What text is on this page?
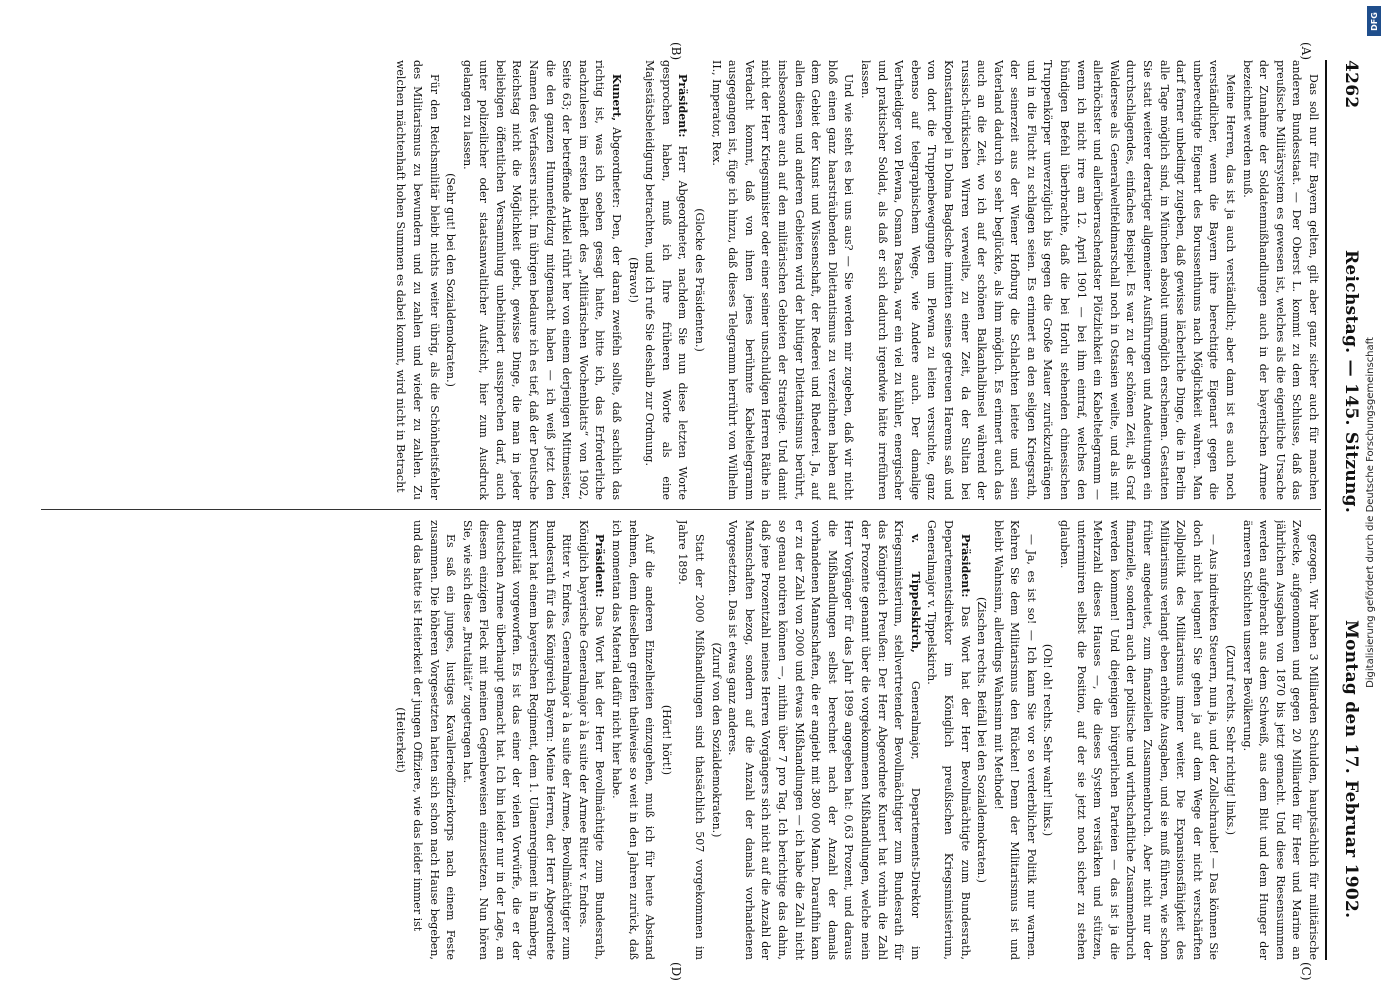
4262
Reichstag. — 145. Sitzung.
Montag den 17. Februar 1902.
(A)
(B)
(C)
(D)

Das soll nur für Bayern gelten, gilt aber ganz sicher auch für manchen anderen Bundesstaat. — Der Oberst L. kommt zu dem Schlusse, daß das preußische Militärsystem es gewesen ist, welches als die eigentliche Ursache der Zunahme der Soldatenmißhandlungen auch in der bayerischen Armee bezeichnet werden muß.

Meine Herren, das ist ja auch verständlich; aber dann ist es auch noch verständlicher, wenn die Bayern ihre berechtigte Eigenart gegen die unberechtigte Eigenart des Borussenthums nach Möglichkeit wahren. Man darf ferner unbedingt zugeben, daß gewisse lächerliche Dinge, die in Berlin alle Tage möglich sind, in München absolut unmöglich erscheinen. Gestatten Sie statt weiterer derartiger allgemeiner Ausführungen und Andeutungen ein durchschlagendes, einfaches Beispiel. Es war zu der schönen Zeit, als Graf Waldersee als Generalweltfeldmarschall noch in Ostasien weilte, und als mit allerhöchster und allerüberraschendster Plötzlichkeit ein Kabeltelegramm — wenn ich nicht irre am 12. April 1901 — bei ihm eintraf, welches den bündigen Befehl überbrachte, daß die bei Horlu stehenden chinesischen Truppenkörper unverzüglich bis gegen die Große Mauer zurückzudrängen und in die Flucht zu schlagen seien. Es erinnert an den seligen Kriegsrath, der seinerzeit aus der Wiener Hofburg die Schlachten leitete und sein Vaterland dadurch so sehr beglückte, als ihm möglich. Es erinnert auch das auch an die Zeit, wo ich auf der schönen Balkanhalbinsel während der russisch-türkischen Wirren verweilte, zu einer Zeit, da der Sultan bei Konstantinopel in Dolma Bagdsche inmitten seines getreuen Harems saß und von dort die Truppenbewegungen um Plewna zu leiten versuchte, ganz ebenso auf telegraphischem Wege, wie Andere auch. Der damalige Vertheidiger von Plewna, Osman Pascha, war ein viel zu kühler, energischer und praktischer Soldat, als daß er sich dadurch irgendwie hätte irreführen lassen.

Und wie steht es bei uns aus? — Sie werden mir zugeben, daß wir nicht bloß einen ganz haarsträubenden Dilettantismus zu verzeichnen haben auf dem Gebiet der Kunst und Wissenschaft, der Rederei und Rhederei. Ja, auf allen diesen und anderen Gebieten wird der blutiger Dilettantismus berührt, insbesondere auch auf den militärischen Gebieten der Strategie. Und damit nicht der Herr Kriegsminister oder einer seiner unschuldigen Herren Räthe in Verdacht kommt, daß von ihnen jenes berühmte Kabeltelegramm ausgegangen ist, füge ich hinzu, daß dieses Telegramm herrührt von Wilhelm II., Imperator, Rex.

(Glocke des Präsidenten.)

Präsident: Herr Abgeordneter, nachdem Sie nun diese letzten Worte gesprochen haben, muß ich Ihre früheren Worte als eine Majestätsbeleidigung betrachten, und ich rufe Sie deshalb zur Ordnung.

(Bravo!)

Kunert, Abgeordneter: Den, der daran zweifeln sollte, daß sachlich das richtig ist, was ich soeben gesagt hatte, bitte ich, das Erforderliche nachzulesen im ersten Beiheft des „Militärischen Wochenblatts“ von 1902, Seite 63; der betreffende Artikel rührt her von einem derjenigen Mittmeister, die den ganzen Hunnenfeldzug mitgemacht haben — ich weiß jetzt den Namen des Verfassers nicht. Im übrigen bedaure ich es tief, daß der Deutsche Reichstag nicht die Möglichkeit giebt, gewisse Dinge, die man in jeder beliebigen öffentlichen Versammlung unbehindert aussprechen darf, auch unter polizeilicher oder staatsanwaltlicher Aufsicht, hier zum Ausdruck gelangen zu lassen.

(Sehr gut! bei den Sozialdemokraten.)

Für den Reichsmilitär bleibt nichts weiter übrig, als die Schönheitsfehler des Militarismus zu bewundern und zu zahlen und wieder zu zahlen. Zu welchen mächtenhaft hohen Summen es dabei kommt, wird nicht in Betracht

gezogen. Wir haben 3 Milliarden Schulden, hauptsächlich für militärische Zwecke, aufgenommen und gegen 20 Milliarden für Heer und Marine an jährlichen Ausgaben von 1870 bis jetzt gemacht. Und diese Riesensummen werden aufgebracht aus dem Schweiß, aus dem Blut und dem Hunger der ärmeren Schichten unserer Bevölkerung.

(Zuruf rechts. Sehr richtig! links.)

— Aus indirekten Steuern, nun ja, und der Zollschraube! — Das können Sie doch nicht leugnen! Sie gehen ja auf dem Wege der nicht verschärften Zollpolitik des Militarismus immer weiter. Die Expansionsfähigkeit des Militarismus verlangt eben erhöhte Ausgaben, und sie muß führen, wie schon früher angedeutet, zum finanziellen Zusammenbruch. Aber nicht nur der finanzielle, sondern auch der politische und wirthschaftliche Zusammenbruch werden kommen! Und diejenigen bürgerlichen Parteien — das ist ja die Mehrzahl dieses Hauses —, die dieses System verstärken und stützen, unterminiren selbst die Position, auf der sie jetzt noch sicher zu stehen glauben.

(Oh! oh! rechts. Sehr wahr! links.)

— Ja, es ist so! — Ich kann Sie vor so verderblicher Politik nur warnen. Kehren Sie dem Militarismus den Rücken! Denn der Militarismus ist und bleibt Wahnsinn, allerdings Wahnsinn mit Methode!

(Zischen rechts. Beifall bei den Sozialdemokraten.)

Präsident: Das Wort hat der Herr Bevollmächtigte zum Bundesrath, Departementsdirektor im Königlich preußischen Kriegsministerium, Generalmajor v. Tippelskirch.

v. Tippelskirch, Generalmajor, Departements-Direktor im Kriegsministerium, stellvertretender Bevollmächtigter zum Bundesrath für das Königreich Preußen: Der Herr Abgeordnete Kunert hat vorhin die Zahl der Prozente genannt über die vorgekommenen Mißhandlungen, welche mein Herr Vorgänger für das Jahr 1899 angegeben hat: 0,63 Prozent, und daraus die Mißhandlungen selbst berechnet nach der Anzahl der damals vorhandenen Mannschaften, die er angiebt mit 380 000 Mann. Daraufhin kam er zu der Zahl von 2000 und etwas Mißhandlungen — ich habe die Zahl nicht so genau notiren können —, mithin über 7 pro Tag. Ich berichtige das dahin, daß jene Prozentzahl meines Herren Vorgängers sich nicht auf die Anzahl der Mannschaften bezog, sondern auf die Anzahl der damals vorhandenen Vorgesetzten. Das ist etwas ganz anderes.

(Zuruf von den Sozialdemokraten.)

Statt der 2000 Mißhandlungen sind thatsächlich 507 vorgekommen im Jahre 1899.

(Hört! hört!)

Auf die anderen Einzelheiten einzugehen, muß ich für heute Abstand nehmen, denn dieselben greifen theilweise so weit in den Jahren zurück, daß ich momentan das Material dafür nicht hier habe.

Präsident: Das Wort hat der Herr Bevollmächtigte zum Bundesrath, Königlich bayerische Generalmajor à la suite der Armee Ritter v. Endres.

Ritter v. Endres, Generalmajor à la suite der Armee, Bevollmächtigter zum Bundesrath für das Königreich Bayern: Meine Herren, der Herr Abgeordnete Kunert hat einem bayerischen Regiment, dem 1. Ulanenregiment in Bamberg, Brutalität vorgeworfen. Es ist das einer der vielen Vorwürfe, die er der deutschen Armee überhaupt gemacht hat. Ich bin leider nur in der Lage, an diesem einzigen Fleck mit meinen Gegenbeweisen einzusetzen. Nun hören Sie, wie sich diese „Brutalität“ zugetragen hat.

Es saß ein junges, lustiges Kavallerieoffizierkorps nach einem Feste zusammen. Die höheren Vorgesetzten hatten sich schon nach Hause begeben, und das hatte ist Heiterkeit der jungen Offiziere, wie das leider immer ist

(Heiterkeit)

DFG
Digitalisierung gefördert durch die Deutsche Forschungsgemeinschaft
